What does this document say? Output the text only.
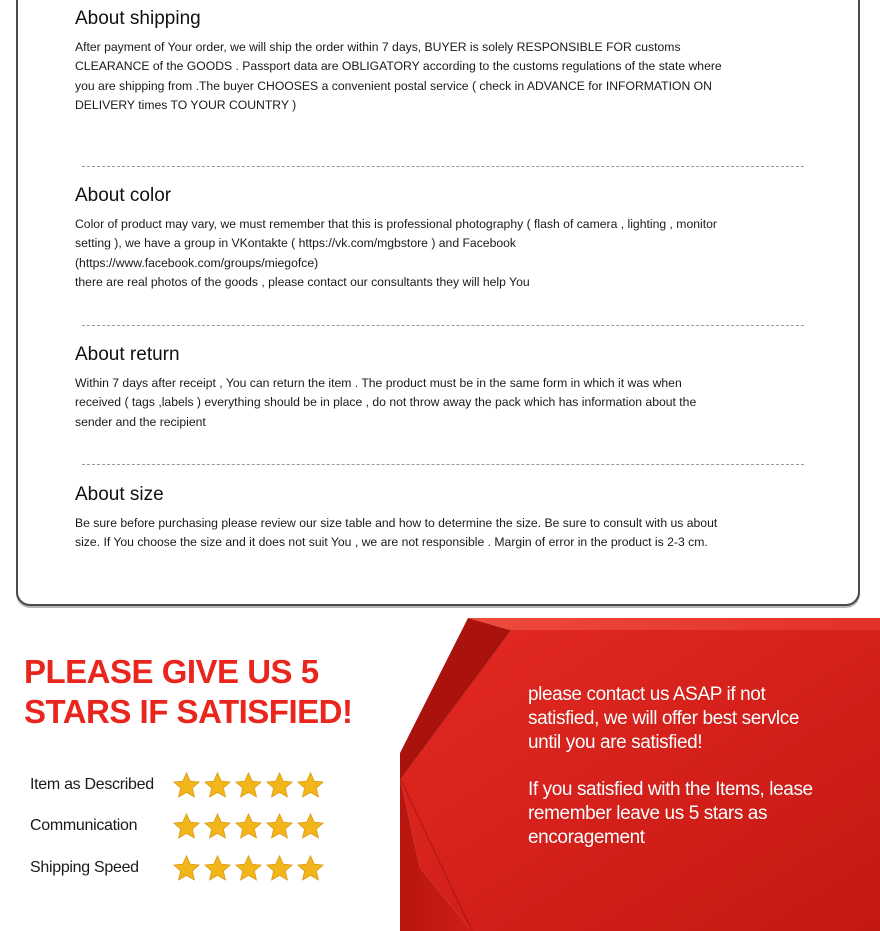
About shipping

After payment of Your order, we will ship the order within 7 days, BUYER is solely RESPONSIBLE FOR customs
CLEARANCE of the GOODS . Passport data are OBLIGATORY according to the customs regulations of the state where
you are shipping from .The buyer CHOOSES a convenient postal service ( check in ADVANCE for INFORMATION ON
DELIVERY times TO YOUR COUNTRY )

About color

Color of product may vary, we must remember that this is professional photography ( flash of camera , lighting , monitor
setting ), we have a group in VKontakte ( https://vk.com/mgbstore ) and Facebook
(https://www.facebook.com/groups/miegofce)
there are real photos of the goods , please contact our consultants they will help You

About return

Within 7 days after receipt , You can return the item . The product must be in the same form in which it was when
received ( tags ,labels ) everything should be in place , do not throw away the pack which has information about the
sender and the recipient

About size

Be sure before purchasing please review our size table and how to determine the size. Be sure to consult with us about
size. If You choose the size and it does not suit You , we are not responsible . Margin of error in the product is 2-3 cm.

PLEASE GIVE US 5
STARS IF SATISFIED!
Item as Described
Communication
Shipping Speed
please contact us ASAP if not
satisfied, we will offer best servlce
until you are satisfied!
If you satisfied with the Items, lease
remember leave us 5 stars as
encoragement
